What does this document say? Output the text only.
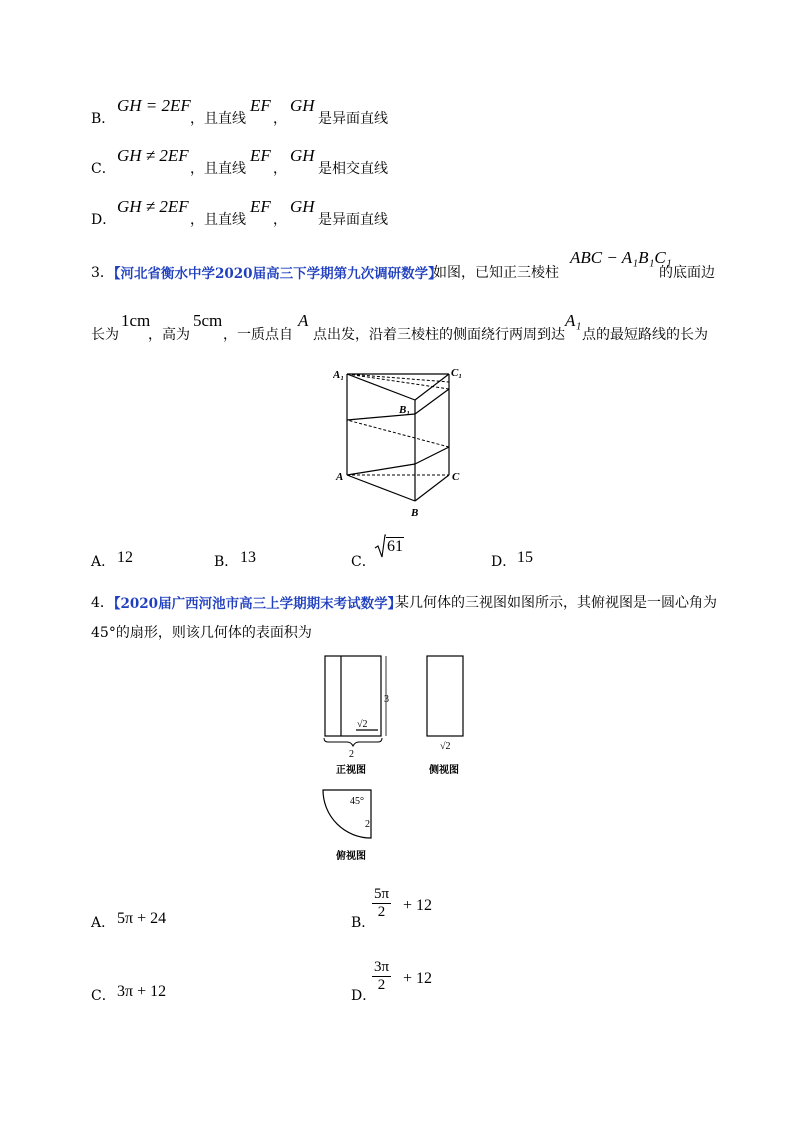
B．
GH = 2EF
，且直线
EF
，
GH
是异面直线
C．
GH ≠ 2EF
，且直线
EF
，
GH
是相交直线
D．
GH ≠ 2EF
，且直线
EF
，
GH
是异面直线
3．
【河北省衡水中学2020届高三下学期第九次调研数学】
如图，已知正三棱柱
ABC − A₁B₁C₁
的底面边
长为
1cm
，高为
5cm
，一质点自
A
点出发，沿着三棱柱的侧面绕行两周到达
A₁
点的最短路线的长为
A₁	C₁
B₁
A	C
B
A． 12	B． 13	C．
61
D． 15
4．
【2020届广西河池市高三上学期期末考试数学】
某几何体的三视图如图所示，其俯视图是一圆心角为
45°的扇形，则该几何体的表面积为
3
√2
2
√2
45°
2
正视图	侧视图
俯视图
A． 5π + 24	B．
$\frac{5\pi}{2} + 12$
C． 3π + 12	D．
$\frac{3\pi}{2} + 12$
